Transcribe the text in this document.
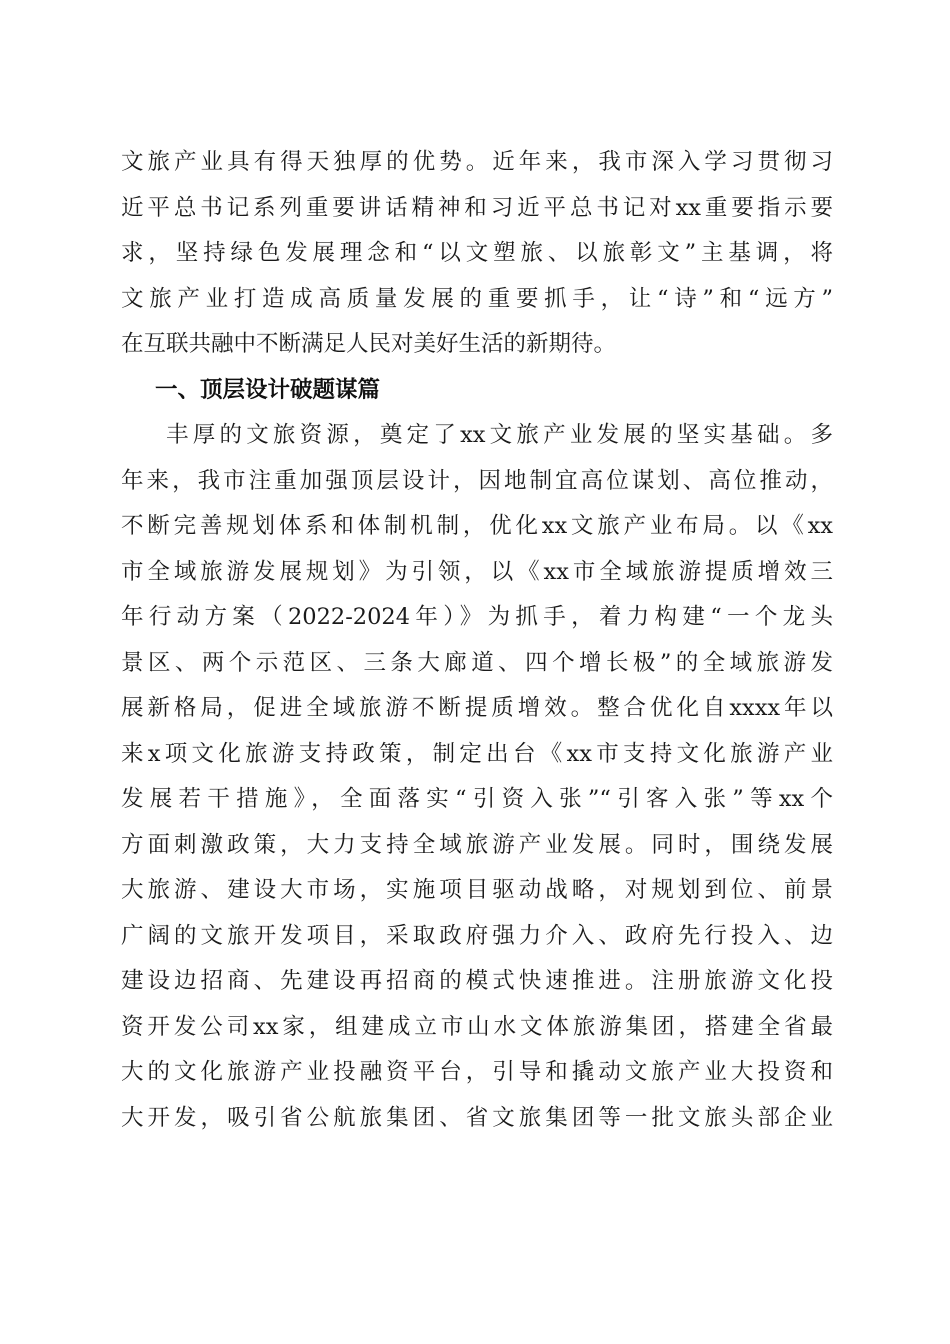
文旅产业具有得天独厚的优势。近年来，我市深入学习贯彻习
近平总书记系列重要讲话精神和习近平总书记对xx重要指示要
求，坚持绿色发展理念和“以文塑旅、以旅彰文”主基调，将
文旅产业打造成高质量发展的重要抓手，让“诗”和“远方”
在互联共融中不断满足人民对美好生活的新期待。
一、顶层设计破题谋篇
丰厚的文旅资源，奠定了xx文旅产业发展的坚实基础。多
年来，我市注重加强顶层设计，因地制宜高位谋划、高位推动，
不断完善规划体系和体制机制，优化xx文旅产业布局。以《xx
市全域旅游发展规划》为引领，以《xx市全域旅游提质增效三
年行动方案（2022-2024年）》为抓手，着力构建“一个龙头
景区、两个示范区、三条大廊道、四个增长极”的全域旅游发
展新格局，促进全域旅游不断提质增效。整合优化自xxxx年以
来x项文化旅游支持政策，制定出台《xx市支持文化旅游产业
发展若干措施》，全面落实“引资入张”“引客入张”等xx个
方面刺激政策，大力支持全域旅游产业发展。同时，围绕发展
大旅游、建设大市场，实施项目驱动战略，对规划到位、前景
广阔的文旅开发项目，采取政府强力介入、政府先行投入、边
建设边招商、先建设再招商的模式快速推进。注册旅游文化投
资开发公司xx家，组建成立市山水文体旅游集团，搭建全省最
大的文化旅游产业投融资平台，引导和撬动文旅产业大投资和
大开发，吸引省公航旅集团、省文旅集团等一批文旅头部企业
